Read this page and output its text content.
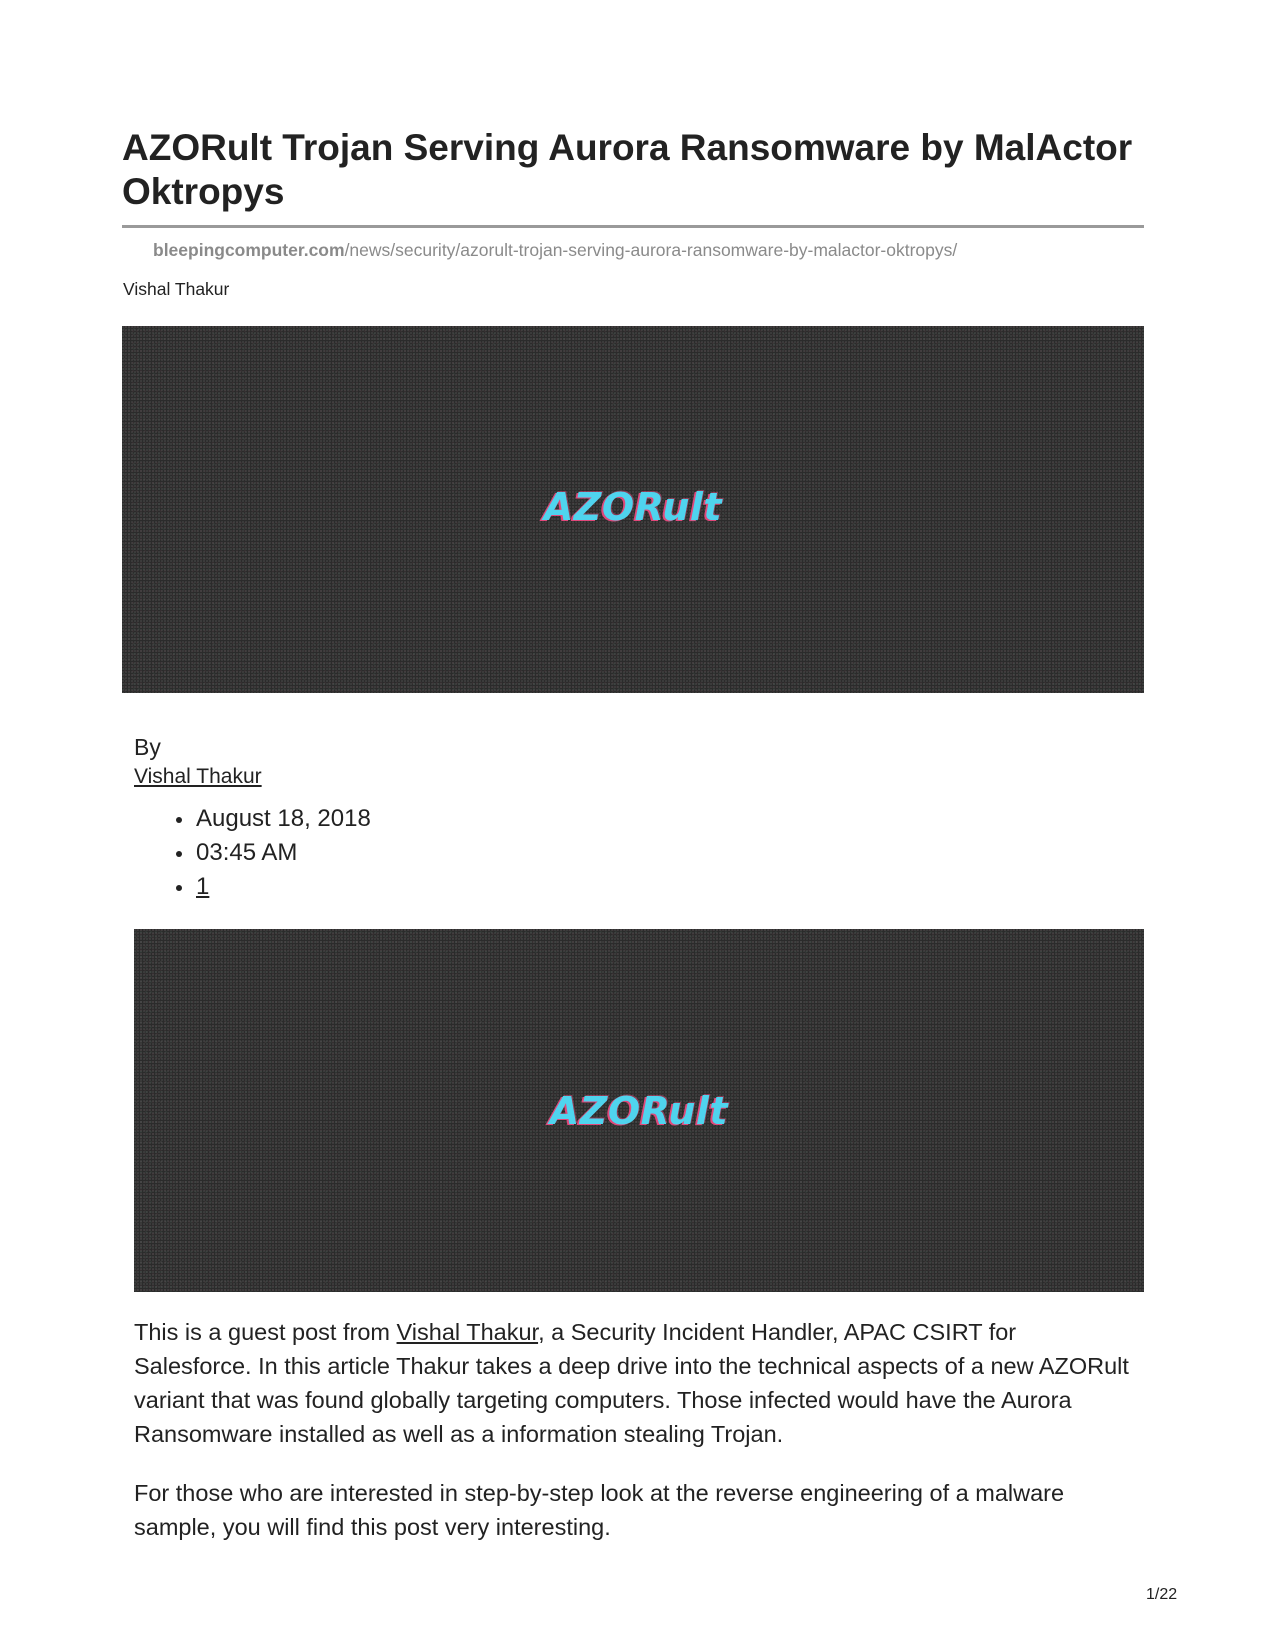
AZORult Trojan Serving Aurora Ransomware by MalActor Oktropys
bleepingcomputer.com/news/security/azorult-trojan-serving-aurora-ransomware-by-malactor-oktropys/
Vishal Thakur
AZORult
By
Vishal Thakur
August 18, 2018
03:45 AM
1
AZORult

This is a guest post from Vishal Thakur, a Security Incident Handler, APAC CSIRT for Salesforce. In this article Thakur takes a deep drive into the technical aspects of a new AZORult variant that was found globally targeting computers. Those infected would have the Aurora Ransomware installed as well as a information stealing Trojan.

For those who are interested in step-by-step look at the reverse engineering of a malware sample, you will find this post very interesting.

1/22
